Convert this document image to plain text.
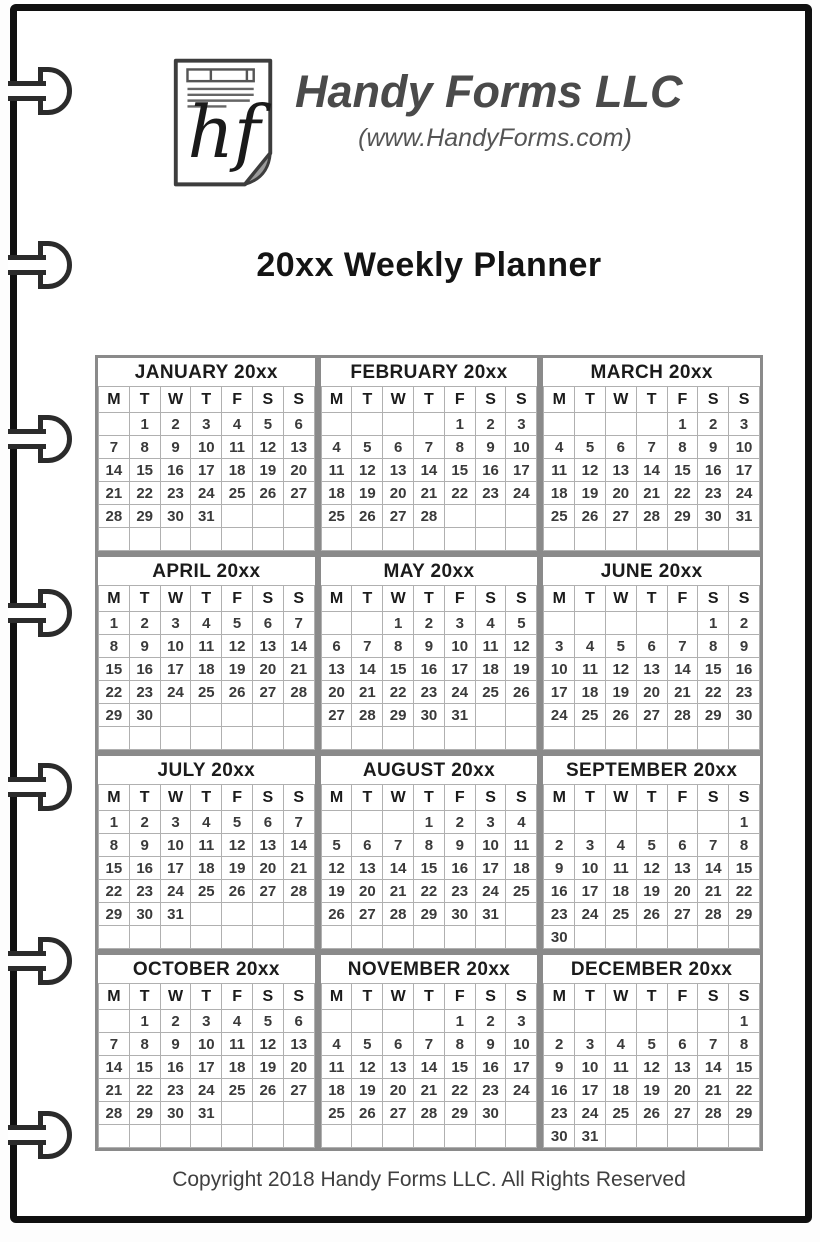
hf Handy Forms LLC
(www.HandyForms.com)
20xx Weekly Planner
JANUARY 20xx
M	T	W	T	F	S	S
	1	2	3	4	5	6
7	8	9	10	11	12	13
14	15	16	17	18	19	20
21	22	23	24	25	26	27
28	29	30	31			

FEBRUARY 20xx
M	T	W	T	F	S	S
				1	2	3
4	5	6	7	8	9	10
11	12	13	14	15	16	17
18	19	20	21	22	23	24
25	26	27	28			

MARCH 20xx
M	T	W	T	F	S	S
				1	2	3
4	5	6	7	8	9	10
11	12	13	14	15	16	17
18	19	20	21	22	23	24
25	26	27	28	29	30	31

APRIL 20xx
M	T	W	T	F	S	S
1	2	3	4	5	6	7
8	9	10	11	12	13	14
15	16	17	18	19	20	21
22	23	24	25	26	27	28
29	30					

MAY 20xx
M	T	W	T	F	S	S
		1	2	3	4	5
6	7	8	9	10	11	12
13	14	15	16	17	18	19
20	21	22	23	24	25	26
27	28	29	30	31		

JUNE 20xx
M	T	W	T	F	S	S
					1	2
3	4	5	6	7	8	9
10	11	12	13	14	15	16
17	18	19	20	21	22	23
24	25	26	27	28	29	30

JULY 20xx
M	T	W	T	F	S	S
1	2	3	4	5	6	7
8	9	10	11	12	13	14
15	16	17	18	19	20	21
22	23	24	25	26	27	28
29	30	31				

AUGUST 20xx
M	T	W	T	F	S	S
			1	2	3	4
5	6	7	8	9	10	11
12	13	14	15	16	17	18
19	20	21	22	23	24	25
26	27	28	29	30	31	

SEPTEMBER 20xx
M	T	W	T	F	S	S
						1
2	3	4	5	6	7	8
9	10	11	12	13	14	15
16	17	18	19	20	21	22
23	24	25	26	27	28	29
30						
OCTOBER 20xx
M	T	W	T	F	S	S
	1	2	3	4	5	6
7	8	9	10	11	12	13
14	15	16	17	18	19	20
21	22	23	24	25	26	27
28	29	30	31			

NOVEMBER 20xx
M	T	W	T	F	S	S
				1	2	3
4	5	6	7	8	9	10
11	12	13	14	15	16	17
18	19	20	21	22	23	24
25	26	27	28	29	30	

DECEMBER 20xx
M	T	W	T	F	S	S
						1
2	3	4	5	6	7	8
9	10	11	12	13	14	15
16	17	18	19	20	21	22
23	24	25	26	27	28	29
30	31					
Copyright 2018 Handy Forms LLC. All Rights Reserved
